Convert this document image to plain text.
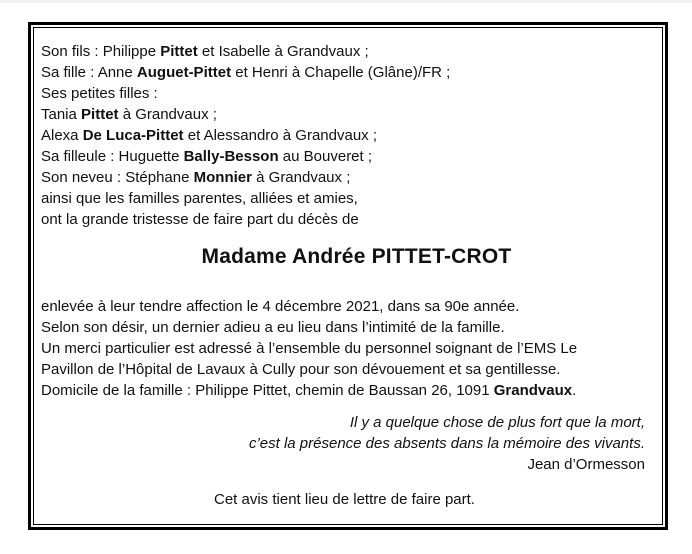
Son fils : Philippe Pittet et Isabelle à Grandvaux ;
Sa fille : Anne Auguet-Pittet et Henri à Chapelle (Glâne)/FR ;
Ses petites filles :
Tania Pittet à Grandvaux ;
Alexa De Luca-Pittet et Alessandro à Grandvaux ;
Sa filleule : Huguette Bally-Besson au Bouveret ;
Son neveu : Stéphane Monnier à Grandvaux ;
ainsi que les familles parentes, alliées et amies,
ont la grande tristesse de faire part du décès de
Madame Andrée PITTET-CROT
enlevée à leur tendre affection le 4 décembre 2021, dans sa 90e année.
Selon son désir, un dernier adieu a eu lieu dans l’intimité de la famille.
Un merci particulier est adressé à l’ensemble du personnel soignant de l’EMS Le
Pavillon de l’Hôpital de Lavaux à Cully pour son dévouement et sa gentillesse.
Domicile de la famille : Philippe Pittet, chemin de Baussan 26, 1091 Grandvaux.
Il y a quelque chose de plus fort que la mort,
c’est la présence des absents dans la mémoire des vivants.
Jean d’Ormesson
Cet avis tient lieu de lettre de faire part.
